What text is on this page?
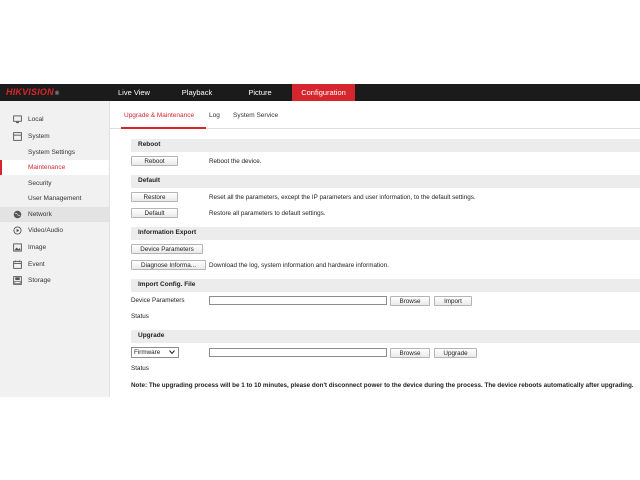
HIKVISION®	Live View	Playback	Picture	Configuration
Local
System
System Settings
Maintenance
Security
User Management
Network
Video/Audio
Image
Event
Storage
Upgrade & Maintenance Log System Service
Reboot
Reboot	Reboot the device.
Default
Restore	Reset all the parameters, except the IP parameters and user information, to the default settings.
Default	Restore all parameters to default settings.
Information Export
Device Parameters
Diagnose Informa...	Download the log, system information and hardware information.
Import Config. File
Device Parameters	Browse	Import
Status
Upgrade
Firmware	Browse	Upgrade
Status
Note: The upgrading process will be 1 to 10 minutes, please don't disconnect power to the device during the process. The device reboots automatically after upgrading.
